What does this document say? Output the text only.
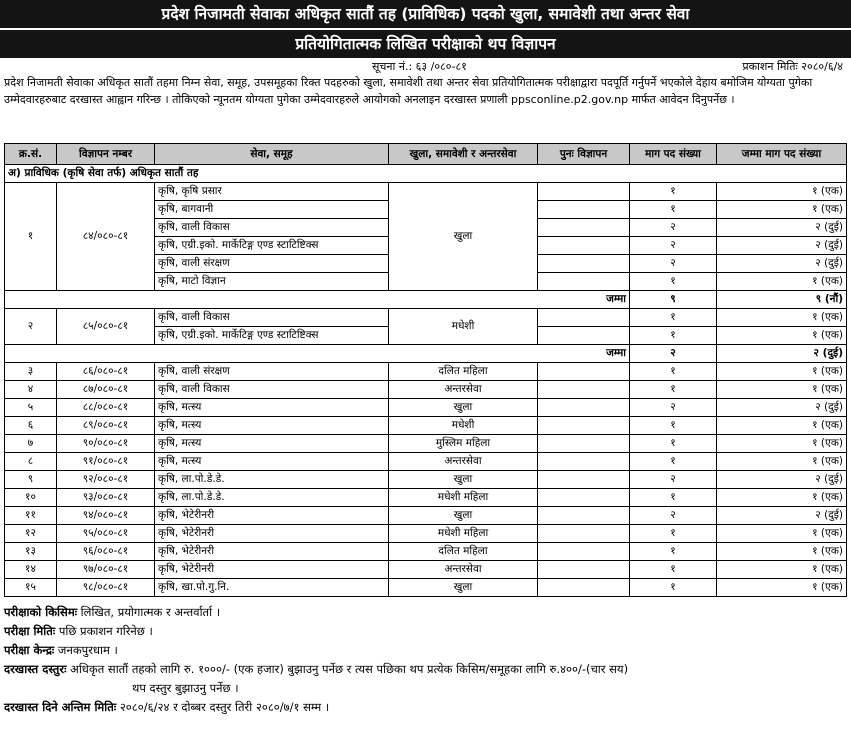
प्रदेश निजामती सेवाका अधिकृत सातौं तह (प्राविधिक) पदको खुला, समावेशी तथा अन्तर सेवा
प्रतियोगितात्मक लिखित परीक्षाको थप विज्ञापन
सूचना नं.: ६३ /०८०-८१	प्रकाशन मितिः २०८०/६/४
प्रदेश निजामती सेवाका अधिकृत सातौं तहमा निम्न सेवा, समूह, उपसमूहका रिक्त पदहरुको खुला, समावेशी तथा अन्तर सेवा प्रतियोगितात्मक परीक्षाद्वारा पदपूर्ति गर्नुपर्ने भएकोले देहाय बमोजिम योग्यता पुगेका उम्मेदवारहरुबाट दरखास्त आह्वान गरिन्छ । तोकिएको न्यूनतम योग्यता पुगेका उम्मेदवारहरुले आयोगको अनलाइन दरखास्त प्रणाली ppsconline.p2.gov.np मार्फत आवेदन दिनुपर्नेछ ।
क्र.सं.	विज्ञापन नम्बर	सेवा, समूह	खुला, समावेशी र अन्तरसेवा	पुनः विज्ञापन	माग पद संख्या	जम्मा माग पद संख्या
अ) प्राविधिक (कृषि सेवा तर्फ) अधिकृत सातौं तह						
१	८४/०८०-८१	कृषि, कृषि प्रसार	खुला		१	१ (एक)
		कृषि, बागवानी			१	१ (एक)
		कृषि, वाली विकास			२	२ (दुई)
		कृषि, एग्री.इको. मार्केटिङ्ग एण्ड स्टाटिष्टिक्स			२	२ (दुई)
		कृषि, वाली संरक्षण			२	२ (दुई)
		कृषि, माटो विज्ञान			१	१ (एक)
जम्मा					९	९ (नौं)
२	८५/०८०-८१	कृषि, वाली विकास	मधेशी		१	१ (एक)
		कृषि, एग्री.इको. मार्केटिङ्ग एण्ड स्टाटिष्टिक्स			१	१ (एक)
जम्मा					२	२ (दुई)
३	८६/०८०-८१	कृषि, वाली संरक्षण	दलित महिला		१	१ (एक)
४	८७/०८०-८१	कृषि, वाली विकास	अन्तरसेवा		१	१ (एक)
५	८८/०८०-८१	कृषि, मत्स्य	खुला		२	२ (दुई)
६	८९/०८०-८१	कृषि, मत्स्य	मधेशी		१	१ (एक)
७	९०/०८०-८१	कृषि, मत्स्य	मुस्लिम महिला		१	१ (एक)
८	९१/०८०-८१	कृषि, मत्स्य	अन्तरसेवा		१	१ (एक)
९	९२/०८०-८१	कृषि, ला.पो.डे.डे.	खुला		२	२ (दुई)
१०	९३/०८०-८१	कृषि, ला.पो.डे.डे.	मधेशी महिला		१	१ (एक)
११	९४/०८०-८१	कृषि, भेटेरीनरी	खुला		२	२ (दुई)
१२	९५/०८०-८१	कृषि, भेटेरीनरी	मधेशी महिला		१	१ (एक)
१३	९६/०८०-८१	कृषि, भेटेरीनरी	दलित महिला		१	१ (एक)
१४	९७/०८०-८१	कृषि, भेटेरीनरी	अन्तरसेवा		१	१ (एक)
१५	९८/०८०-८१	कृषि, खा.पो.गु.नि.	खुला		१	१ (एक)
परीक्षाको किसिमः लिखित, प्रयोगात्मक र अन्तर्वार्ता ।
परीक्षा मितिः पछि प्रकाशन गरिनेछ ।
परीक्षा केन्द्रः जनकपुरधाम ।
दरखास्त दस्तुरः अधिकृत सातौं तहको लागि रु. १०००/- (एक हजार) बुझाउनु पर्नेछ र त्यस पछिका थप प्रत्येक किसिम/समूहका लागि रु.४००/-(चार सय)
थप दस्तुर बुझाउनु पर्नेछ ।
दरखास्त दिने अन्तिम मितिः २०८०/६/२४ र दोब्बर दस्तुर तिरी २०८०/७/१ सम्म ।
